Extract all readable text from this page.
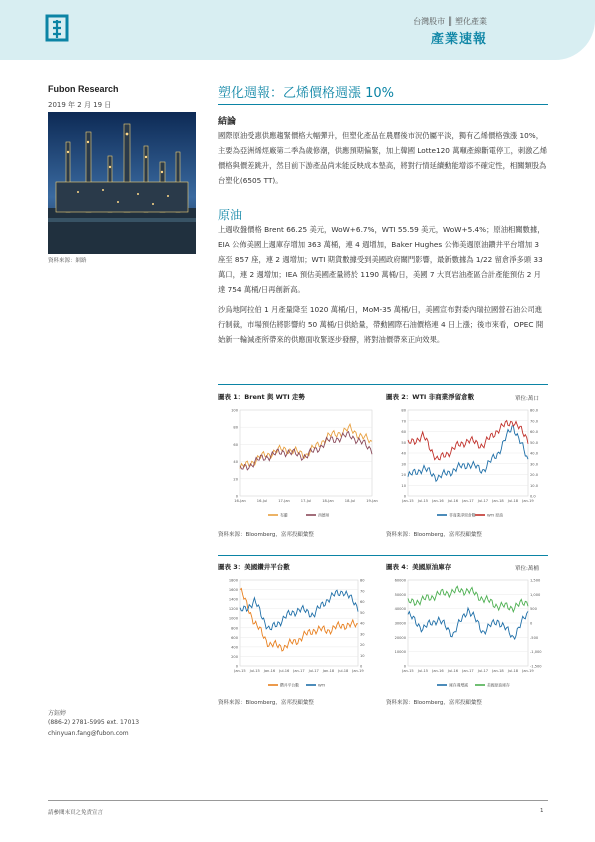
台灣股市 ║ 塑化產業
產業速報
Fubon Research
2019 年 2 月 19 日
資料來源：網路
塑化週報：乙烯價格週漲 10%
結論
國際原油受惠供應趨緊價格大幅彈升，但塑化產品在農曆後市況仍屬平淡，獨有乙烯價格強漲 10%，主要為亞洲烯烴廠第二季為歲修潮，供應預期偏緊，加上韓國 Lotte120 萬噸產線斷電停工，刺激乙烯價格與價差跳升，然目前下游產品尚未能反映成本墊高，將對行情延續動能增添不確定性，相關類股為台塑化(6505 TT)。
原油
上週收盤價格 Brent 66.25 美元，WoW+6.7%，WTI 55.59 美元，WoW+5.4%；原油相關數據，EIA 公佈美國上週庫存增加 363 萬桶，連 4 週增加，Baker Hughes 公佈美週原油鑽井平台增加 3 座至 857 座，連 2 週增加；WTI 期貨數據受到美國政府關門影響，最新數據為 1/22 留倉淨多頭 33 萬口，連 2 週增加；IEA 預估美國產量將於 1190 萬桶/日，美國 7 大頁岩油產區合計產能預估 2 月達 754 萬桶/日再創新高。
沙烏地阿拉伯 1 月產量降至 1020 萬桶/日，MoM-35 萬桶/日，美國宣布對委內瑞拉國營石油公司進行制裁，市場預估將影響約 50 萬桶/日供給量，帶動國際石油價格連 4 日上漲；後市來看，OPEC 開始新一輪減產所帶來的供應面收緊逐步發酵，將對油價帶來正向效果。
圖表 1：Brent 與 WTI 走勢
0
20
40
60
80
100
16-Jan	16-Jul	17-Jan	17-Jul	18-Jan	18-Jul	19-Jan
布蘭	西德州
資料來源：Bloomberg，富邦投顧彙整
圖表 2：WTI 非商業淨留倉數	單位:萬口
0
10
20
30
40
50
60
70
80
0.0
10.0
20.0
30.0
40.0
50.0
60.0
70.0
80.0
Jan-15 Jul-15 Jan-16 Jul-16 Jan-17 Jul-17 Jan-18 Jul-18 Jan-19
非商業淨留倉數	WTI 原油
資料來源：Bloomberg，富邦投顧彙整
圖表 3：美國鑽井平台數
0
200
400
600
800
1000
1200
1400
1600
1800
0
10
20
30
40
50
60
70
80
Jan-15 Jul-15 Jan-16 Jul-16 Jan-17 Jul-17 Jan-18 Jul-18 Jan-19
鑽井平台數	WTI
資料來源：Bloomberg，富邦投顧彙整
圖表 4：美國原油庫存	單位:萬桶
0
10000
20000
30000
40000
50000
60000
-1,500
-1,000
-500
0
500
1,000
1,500
Jan-15 Jul-15 Jan-16 Jul-16 Jan-17 Jul-17 Jan-18 Jul-18 Jan-19
庫存週增減	美國原油庫存
資料來源：Bloomberg，富邦投顧彙整
方鈺婷
(886-2) 2781-5995 ext. 17013
chinyuan.fang@fubon.com
請參閱末頁之免責宣言	1
